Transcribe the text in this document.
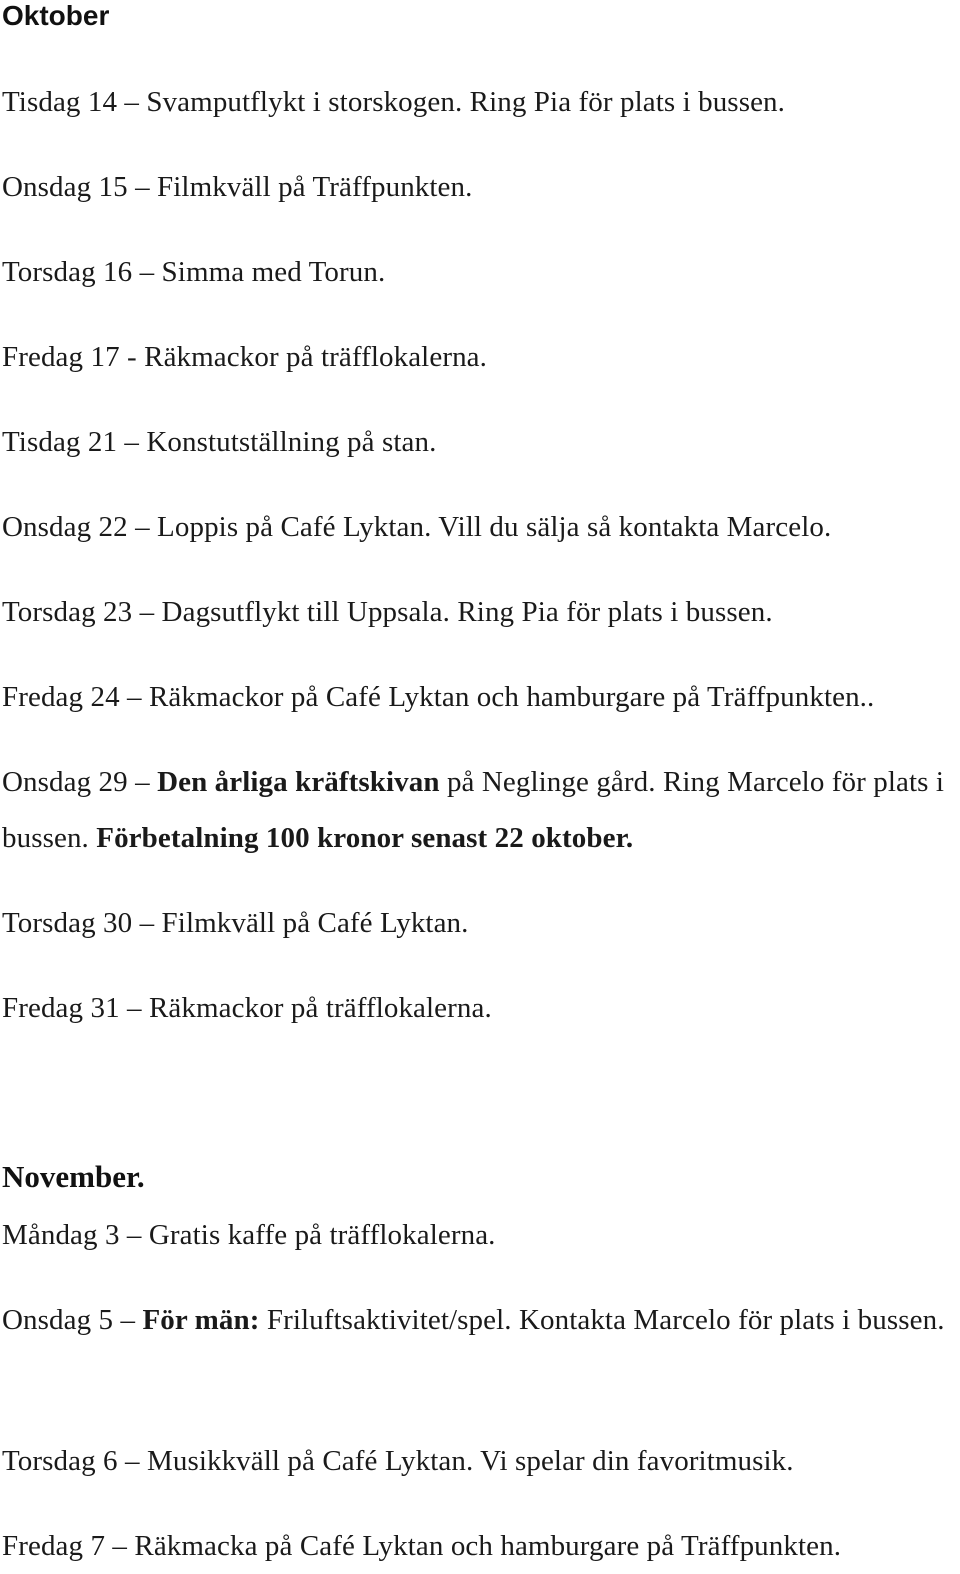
Oktober

Tisdag 14 – Svamputflykt i storskogen. Ring Pia för plats i bussen.

Onsdag 15 – Filmkväll på Träffpunkten.

Torsdag 16 – Simma med Torun.

Fredag 17 - Räkmackor på träfflokalerna.

Tisdag 21 – Konstutställning på stan.

Onsdag 22 – Loppis på Café Lyktan. Vill du sälja så kontakta Marcelo.

Torsdag 23 – Dagsutflykt till Uppsala. Ring Pia för plats i bussen.

Fredag 24 – Räkmackor på Café Lyktan och hamburgare på Träffpunkten..

Onsdag 29 – Den årliga kräftskivan på Neglinge gård. Ring Marcelo för plats i bussen. Förbetalning 100 kronor senast 22 oktober.

Torsdag 30 – Filmkväll på Café Lyktan.

Fredag 31 – Räkmackor på träfflokalerna.

November.

Måndag 3 – Gratis kaffe på träfflokalerna.

Onsdag 5 – För män: Friluftsaktivitet/spel. Kontakta Marcelo för plats i bussen.

Torsdag 6 – Musikkväll på Café Lyktan. Vi spelar din favoritmusik.

Fredag 7 – Räkmacka på Café Lyktan och hamburgare på Träffpunkten.
